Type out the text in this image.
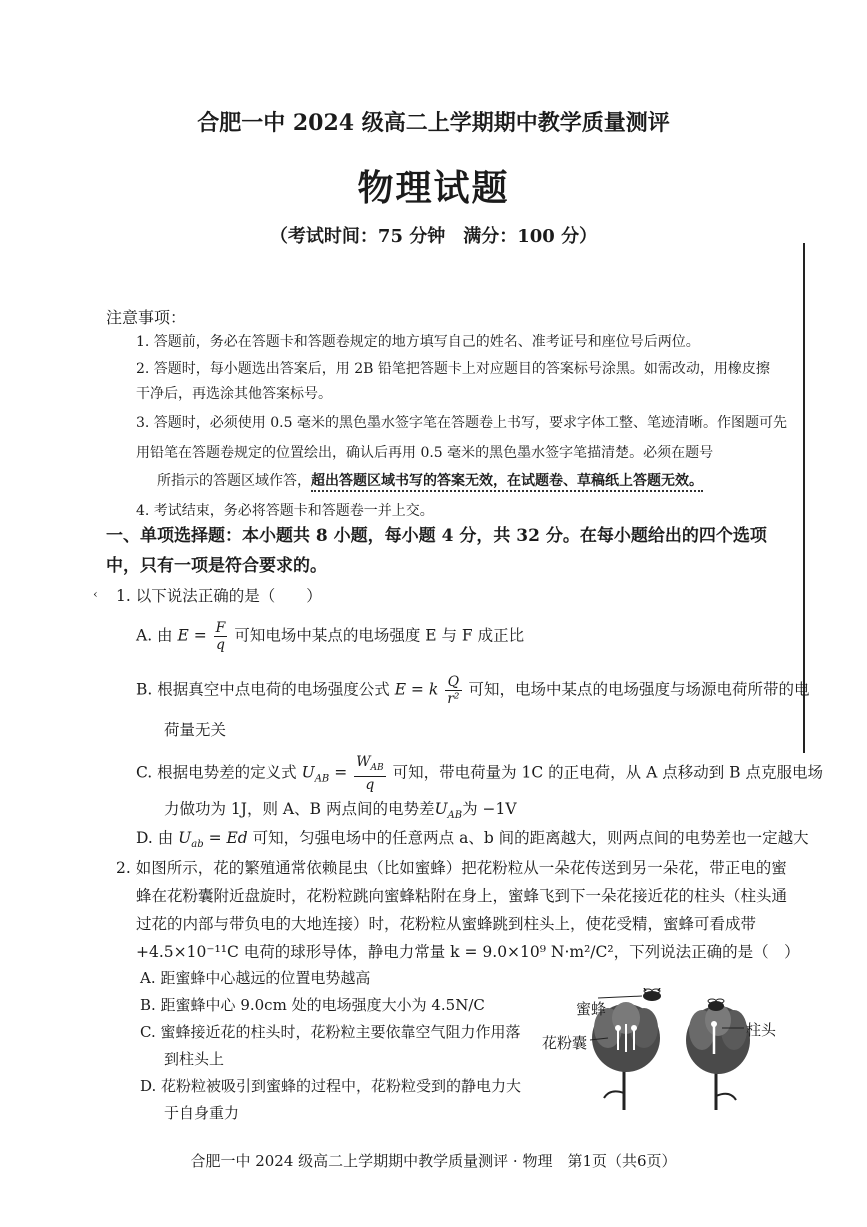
合肥一中 2024 级高二上学期期中教学质量测评
物理试题
（考试时间：75 分钟　满分：100 分）
注意事项：
1. 答题前，务必在答题卡和答题卷规定的地方填写自己的姓名、准考证号和座位号后两位。
2. 答题时，每小题选出答案后，用 2B 铅笔把答题卡上对应题目的答案标号涂黑。如需改动，用橡皮擦干净后，再选涂其他答案标号。
3. 答题时，必须使用 0.5 毫米的黑色墨水签字笔在答题卷上书写，要求字体工整、笔迹清晰。作图题可先用铅笔在答题卷规定的位置绘出，确认后再用 0.5 毫米的黑色墨水签字笔描清楚。必须在题号
所指示的答题区域作答，超出答题区域书写的答案无效，在试题卷、草稿纸上答题无效。
4. 考试结束，务必将答题卡和答题卷一并上交。
一、单项选择题：本小题共 8 小题，每小题 4 分，共 32 分。在每小题给出的四个选项中，只有一项是符合要求的。
‹ 1. 以下说法正确的是（　　）
A. 由 $E = \frac{F}{q}$ 可知电场中某点的电场强度 E 与 F 成正比
B. 根据真空中点电荷的电场强度公式 E = k $\frac{Q}{\text{r²}}$ 可知，电场中某点的电场强度与场源电荷所带的电
荷量无关
C. 根据电势差的定义式 $U_{AB} = \frac{W_{AB}}{q}$ 可知，带电荷量为 1C 的正电荷，从 A 点移动到 B 点克服电场
力做功为 1J，则 A、B 两点间的电势差$U_{AB}$为 −1V
D. 由 $U_{ab} = Ed$ 可知，匀强电场中的任意两点 a、b 间的距离越大，则两点间的电势差也一定越大
2. 如图所示，花的繁殖通常依赖昆虫（比如蜜蜂）把花粉粒从一朵花传送到另一朵花，带正电的蜜
蜂在花粉囊附近盘旋时，花粉粒跳向蜜蜂粘附在身上，蜜蜂飞到下一朵花接近花的柱头（柱头通
过花的内部与带负电的大地连接）时，花粉粒从蜜蜂跳到柱头上，使花受精，蜜蜂可看成带
+4.5×10⁻¹¹C 电荷的球形导体，静电力常量 k = 9.0×10⁹ N·m²/C²，下列说法正确的是（　）
A. 距蜜蜂中心越远的位置电势越高
B. 距蜜蜂中心 9.0cm 处的电场强度大小为 4.5N/C
C. 蜜蜂接近花的柱头时，花粉粒主要依靠空气阻力作用落
到柱头上
D. 花粉粒被吸引到蜜蜂的过程中，花粉粒受到的静电力大
于自身重力
蜜蜂
花粉囊
柱头
合肥一中 2024 级高二上学期期中教学质量测评 · 物理　第1页（共6页）
